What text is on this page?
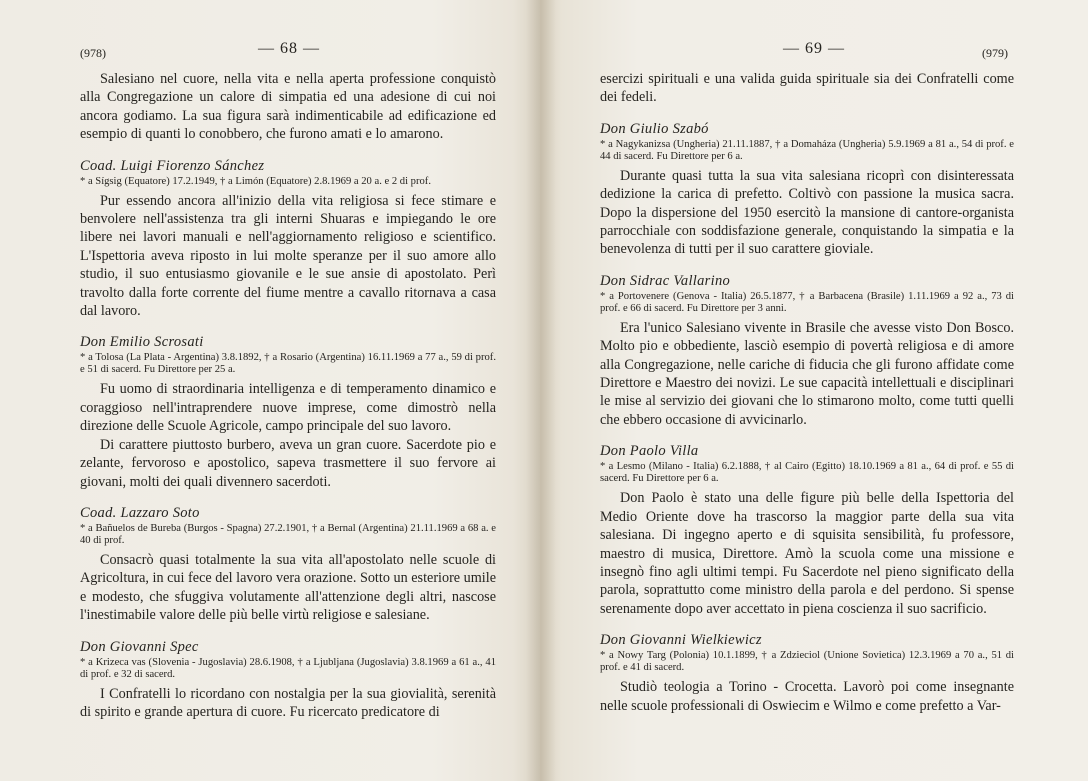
(978)	— 68 —

Salesiano nel cuore, nella vita e nella aperta professione conquistò alla Congregazione un calore di simpatia ed una adesione di cui noi ancora godiamo. La sua figura sarà indimenticabile ad edificazione ed esempio di quanti lo conobbero, che furono amati e lo amarono.

Coad. Luigi Fiorenzo Sánchez
* a Sígsig (Equatore) 17.2.1949, † a Limón (Equatore) 2.8.1969 a 20 a. e 2 di prof.

Pur essendo ancora all'inizio della vita religiosa si fece stimare e benvolere nell'assistenza tra gli interni Shuaras e impiegando le ore libere nei lavori manuali e nell'aggiornamento religioso e scientifico. L'Ispettoria aveva riposto in lui molte speranze per il suo amore allo studio, il suo entusiasmo giovanile e le sue ansie di apostolato. Perì travolto dalla forte corrente del fiume mentre a cavallo ritornava a casa dal lavoro.

Don Emilio Scrosati
* a Tolosa (La Plata - Argentina) 3.8.1892, † a Rosario (Argentina) 16.11.1969 a 77 a., 59 di prof. e 51 di sacerd. Fu Direttore per 25 a.

Fu uomo di straordinaria intelligenza e di temperamento dinamico e coraggioso nell'intraprendere nuove imprese, come dimostrò nella direzione delle Scuole Agricole, campo principale del suo lavoro.

Di carattere piuttosto burbero, aveva un gran cuore. Sacerdote pio e zelante, fervoroso e apostolico, sapeva trasmettere il suo fervore ai giovani, molti dei quali divennero sacerdoti.

Coad. Lazzaro Soto
* a Bañuelos de Bureba (Burgos - Spagna) 27.2.1901, † a Bernal (Argentina) 21.11.1969 a 68 a. e 40 di prof.

Consacrò quasi totalmente la sua vita all'apostolato nelle scuole di Agricoltura, in cui fece del lavoro vera orazione. Sotto un esteriore umile e modesto, che sfuggiva volutamente all'attenzione degli altri, nascose l'inestimabile valore delle più belle virtù religiose e salesiane.

Don Giovanni Spec
* a Krizeca vas (Slovenia - Jugoslavia) 28.6.1908, † a Ljubljana (Jugoslavia) 3.8.1969 a 61 a., 41 di prof. e 32 di sacerd.

I Confratelli lo ricordano con nostalgia per la sua giovialità, serenità di spirito e grande apertura di cuore. Fu ricercato predicatore di

— 69 —	(979)

esercizi spirituali e una valida guida spirituale sia dei Confratelli come dei fedeli.

Don Giulio Szabó
* a Nagykanizsa (Ungheria) 21.11.1887, † a Domaháza (Ungheria) 5.9.1969 a 81 a., 54 di prof. e 44 di sacerd. Fu Direttore per 6 a.

Durante quasi tutta la sua vita salesiana ricoprì con disinteressata dedizione la carica di prefetto. Coltivò con passione la musica sacra. Dopo la dispersione del 1950 esercitò la mansione di cantore-organista parrocchiale con soddisfazione generale, conquistando la simpatia e la benevolenza di tutti per il suo carattere gioviale.

Don Sidrac Vallarino
* a Portovenere (Genova - Italia) 26.5.1877, † a Barbacena (Brasile) 1.11.1969 a 92 a., 73 di prof. e 66 di sacerd. Fu Direttore per 3 anni.

Era l'unico Salesiano vivente in Brasile che avesse visto Don Bosco. Molto pio e obbediente, lasciò esempio di povertà religiosa e di amore alla Congregazione, nelle cariche di fiducia che gli furono affidate come Direttore e Maestro dei novizi. Le sue capacità intellettuali e disciplinari le mise al servizio dei giovani che lo stimarono molto, come tutti quelli che ebbero occasione di avvicinarlo.

Don Paolo Villa
* a Lesmo (Milano - Italia) 6.2.1888, † al Cairo (Egitto) 18.10.1969 a 81 a., 64 di prof. e 55 di sacerd. Fu Direttore per 6 a.

Don Paolo è stato una delle figure più belle della Ispettoria del Medio Oriente dove ha trascorso la maggior parte della sua vita salesiana. Di ingegno aperto e di squisita sensibilità, fu professore, maestro di musica, Direttore. Amò la scuola come una missione e insegnò fino agli ultimi tempi. Fu Sacerdote nel pieno significato della parola, soprattutto come ministro della parola e del perdono. Si spense serenamente dopo aver accettato in piena coscienza il suo sacrificio.

Don Giovanni Wielkiewicz
* a Nowy Targ (Polonia) 10.1.1899, † a Zdzieciol (Unione Sovietica) 12.3.1969 a 70 a., 51 di prof. e 41 di sacerd.

Studiò teologia a Torino - Crocetta. Lavorò poi come insegnante nelle scuole professionali di Oswiecim e Wilmo e come prefetto a Var-
